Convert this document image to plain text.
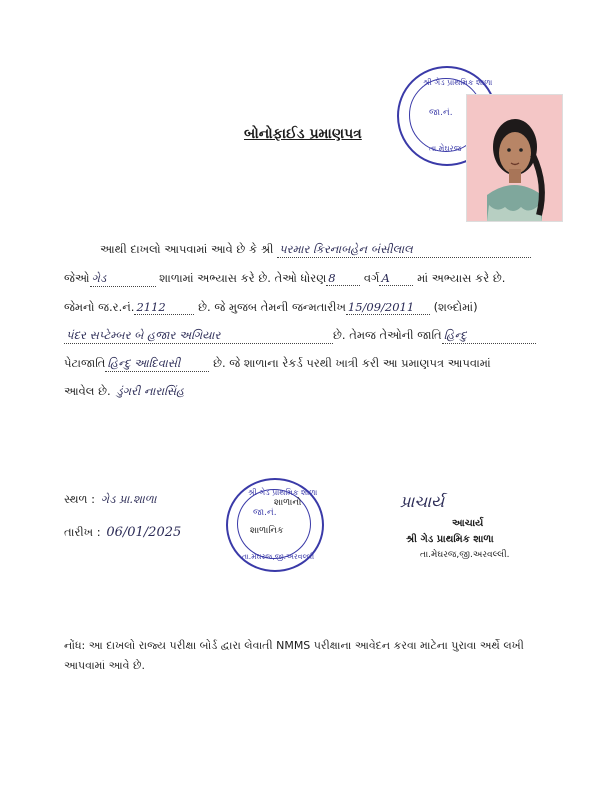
શ્રી ગેડ પ્રાથમિક શાળા
જા.નં.
તા.મેઘરજ
બોનોફાઈડ પ્રમાણપત્ર
આથી દાખલો આપવામાં આવે છે કે શ્રી પરમાર કિરનાબહેન બંસીલાલ
જેઓ ગેડ	શાળામાં અભ્યાસ કરે છે. તેઓ ધોરણ 8 વર્ગ A માં અભ્યાસ કરે છે.
જેમનો જ.ર.નં. 2112	છે. જે મુજબ તેમની જન્મતારીખ 15/09/2011 (શબ્દોમાં)
પંદર સપ્ટેમ્બર બે હજાર અગિયાર	છે. તેમજ તેઓની જાતિ હિન્દુ
પેટાજાતિ હિન્દુ આદિવાસી	છે. જે શાળાના રેકર્ડ પરથી ખાત્રી કરી આ પ્રમાણપત્ર આપવામાં
આવેલ છે. ડુંગરી નારાસિંહ
સ્થળ : ગેડ પ્રા.શાળા
તારીખ : 06/01/2025
શ્રી ગેડ પ્રાથમિક શાળા
જા.નં.
શાળાનો
શાળાનિક
તા.મેઘરજ,જી.અરવલ્લી
પ્રાચાર્ય
આચાર્ય
શ્રી ગેડ પ્રાથમિક શાળા
તા.મેઘરજ,જી.અરવલ્લી.
નોંધ: આ દાખલો રાજ્ય પરીક્ષા બોર્ડ દ્વારા લેવાતી NMMS પરીક્ષાના આવેદન કરવા માટેના પુરાવા અર્થે લખી આપવામાં આવે છે.
